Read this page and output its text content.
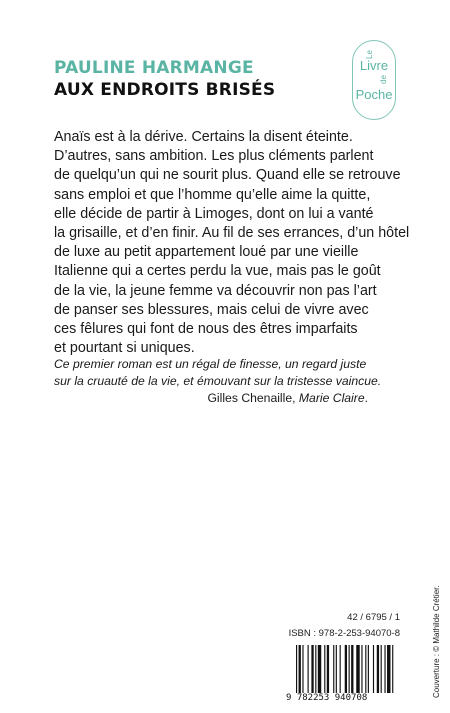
PAULINE HARMANGE
AUX ENDROITS BRISÉS
Le
Livre
de
Poche
Anaïs est à la dérive. Certains la disent éteinte.
D’autres, sans ambition. Les plus cléments parlent
de quelqu’un qui ne sourit plus. Quand elle se retrouve
sans emploi et que l’homme qu’elle aime la quitte,
elle décide de partir à Limoges, dont on lui a vanté
la grisaille, et d’en finir. Au fil de ses errances, d’un hôtel
de luxe au petit appartement loué par une vieille
Italienne qui a certes perdu la vue, mais pas le goût
de la vie, la jeune femme va découvrir non pas l’art
de panser ses blessures, mais celui de vivre avec
ces fêlures qui font de nous des êtres imparfaits
et pourtant si uniques.
Ce premier roman est un régal de finesse, un regard juste
sur la cruauté de la vie, et émouvant sur la tristesse vaincue.
Gilles Chenaille, Marie Claire.
Couverture : © Mathilde Crétier.
42 / 6795 / 1
ISBN : 978-2-253-94070-8
9 782253 940708
